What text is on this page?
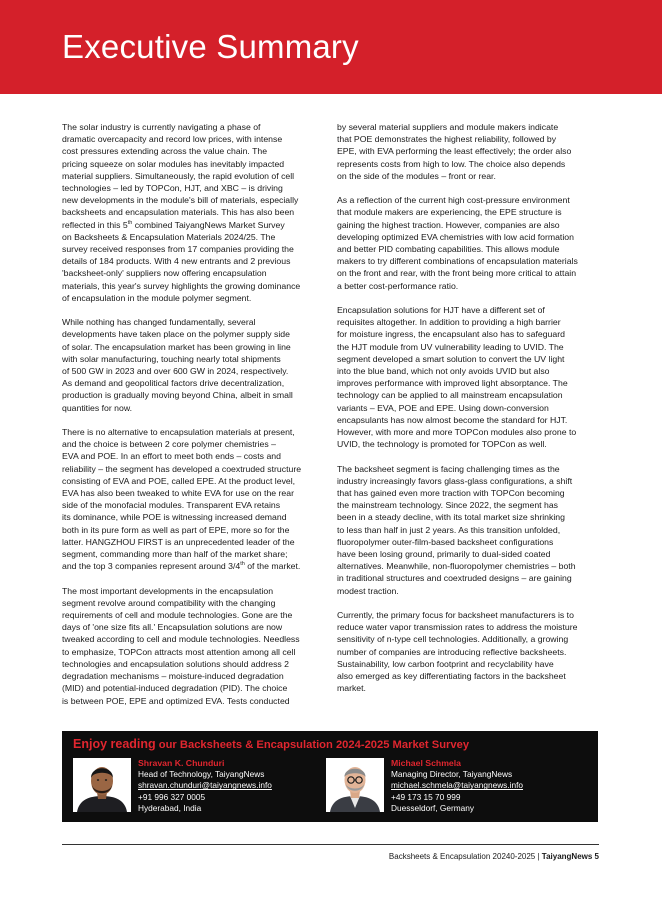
Executive Summary

The solar industry is currently navigating a phase of
dramatic overcapacity and record low prices, with intense
cost pressures extending across the value chain. The
pricing squeeze on solar modules has inevitably impacted
material suppliers. Simultaneously, the rapid evolution of cell
technologies – led by TOPCon, HJT, and XBC – is driving
new developments in the module's bill of materials, especially
backsheets and encapsulation materials. This has also been
reflected in this 5th combined TaiyangNews Market Survey
on Backsheets & Encapsulation Materials 2024/25. The
survey received responses from 17 companies providing the
details of 184 products. With 4 new entrants and 2 previous
'backsheet-only' suppliers now offering encapsulation
materials, this year's survey highlights the growing dominance
of encapsulation in the module polymer segment.

While nothing has changed fundamentally, several
developments have taken place on the polymer supply side
of solar. The encapsulation market has been growing in line
with solar manufacturing, touching nearly total shipments
of 500 GW in 2023 and over 600 GW in 2024, respectively.
As demand and geopolitical factors drive decentralization,
production is gradually moving beyond China, albeit in small
quantities for now.

There is no alternative to encapsulation materials at present,
and the choice is between 2 core polymer chemistries –
EVA and POE. In an effort to meet both ends – costs and
reliability – the segment has developed a coextruded structure
consisting of EVA and POE, called EPE. At the product level,
EVA has also been tweaked to white EVA for use on the rear
side of the monofacial modules. Transparent EVA retains
its dominance, while POE is witnessing increased demand
both in its pure form as well as part of EPE, more so for the
latter. HANGZHOU FIRST is an unprecedented leader of the
segment, commanding more than half of the market share;
and the top 3 companies represent around 3/4th of the market.

The most important developments in the encapsulation
segment revolve around compatibility with the changing
requirements of cell and module technologies. Gone are the
days of 'one size fits all.' Encapsulation solutions are now
tweaked according to cell and module technologies. Needless
to emphasize, TOPCon attracts most attention among all cell
technologies and encapsulation solutions should address 2
degradation mechanisms – moisture-induced degradation
(MID) and potential-induced degradation (PID). The choice
is between POE, EPE and optimized EVA. Tests conducted

by several material suppliers and module makers indicate
that POE demonstrates the highest reliability, followed by
EPE, with EVA performing the least effectively; the order also
represents costs from high to low. The choice also depends
on the side of the modules – front or rear.

As a reflection of the current high cost-pressure environment
that module makers are experiencing, the EPE structure is
gaining the highest traction. However, companies are also
developing optimized EVA chemistries with low acid formation
and better PID combating capabilities. This allows module
makers to try different combinations of encapsulation materials
on the front and rear, with the front being more critical to attain
a better cost-performance ratio.

Encapsulation solutions for HJT have a different set of
requisites altogether. In addition to providing a high barrier
for moisture ingress, the encapsulant also has to safeguard
the HJT module from UV vulnerability leading to UVID. The
segment developed a smart solution to convert the UV light
into the blue band, which not only avoids UVID but also
improves performance with improved light absorptance. The
technology can be applied to all mainstream encapsulation
variants – EVA, POE and EPE. Using down-conversion
encapsulants has now almost become the standard for HJT.
However, with more and more TOPCon modules also prone to
UVID, the technology is promoted for TOPCon as well.

The backsheet segment is facing challenging times as the
industry increasingly favors glass-glass configurations, a shift
that has gained even more traction with TOPCon becoming
the mainstream technology. Since 2022, the segment has
been in a steady decline, with its total market size shrinking
to less than half in just 2 years. As this transition unfolded,
fluoropolymer outer-film-based backsheet configurations
have been losing ground, primarily to dual-sided coated
alternatives. Meanwhile, non-fluoropolymer chemistries – both
in traditional structures and coextruded designs – are gaining
modest traction.

Currently, the primary focus for backsheet manufacturers is to
reduce water vapor transmission rates to address the moisture
sensitivity of n-type cell technologies. Additionally, a growing
number of companies are introducing reflective backsheets.
Sustainability, low carbon footprint and recyclability have
also emerged as key differentiating factors in the backsheet
market.

Enjoy reading our Backsheets & Encapsulation 2024-2025 Market Survey
Shravan K. Chunduri
Head of Technology, TaiyangNews
shravan.chunduri@taiyangnews.info
+91 996 327 0005
Hyderabad, India
Michael Schmela
Managing Director, TaiyangNews
michael.schmela@taiyangnews.info
+49 173 15 70 999
Duesseldorf, Germany
Backsheets & Encapsulation 20240-2025 | TaiyangNews 5
